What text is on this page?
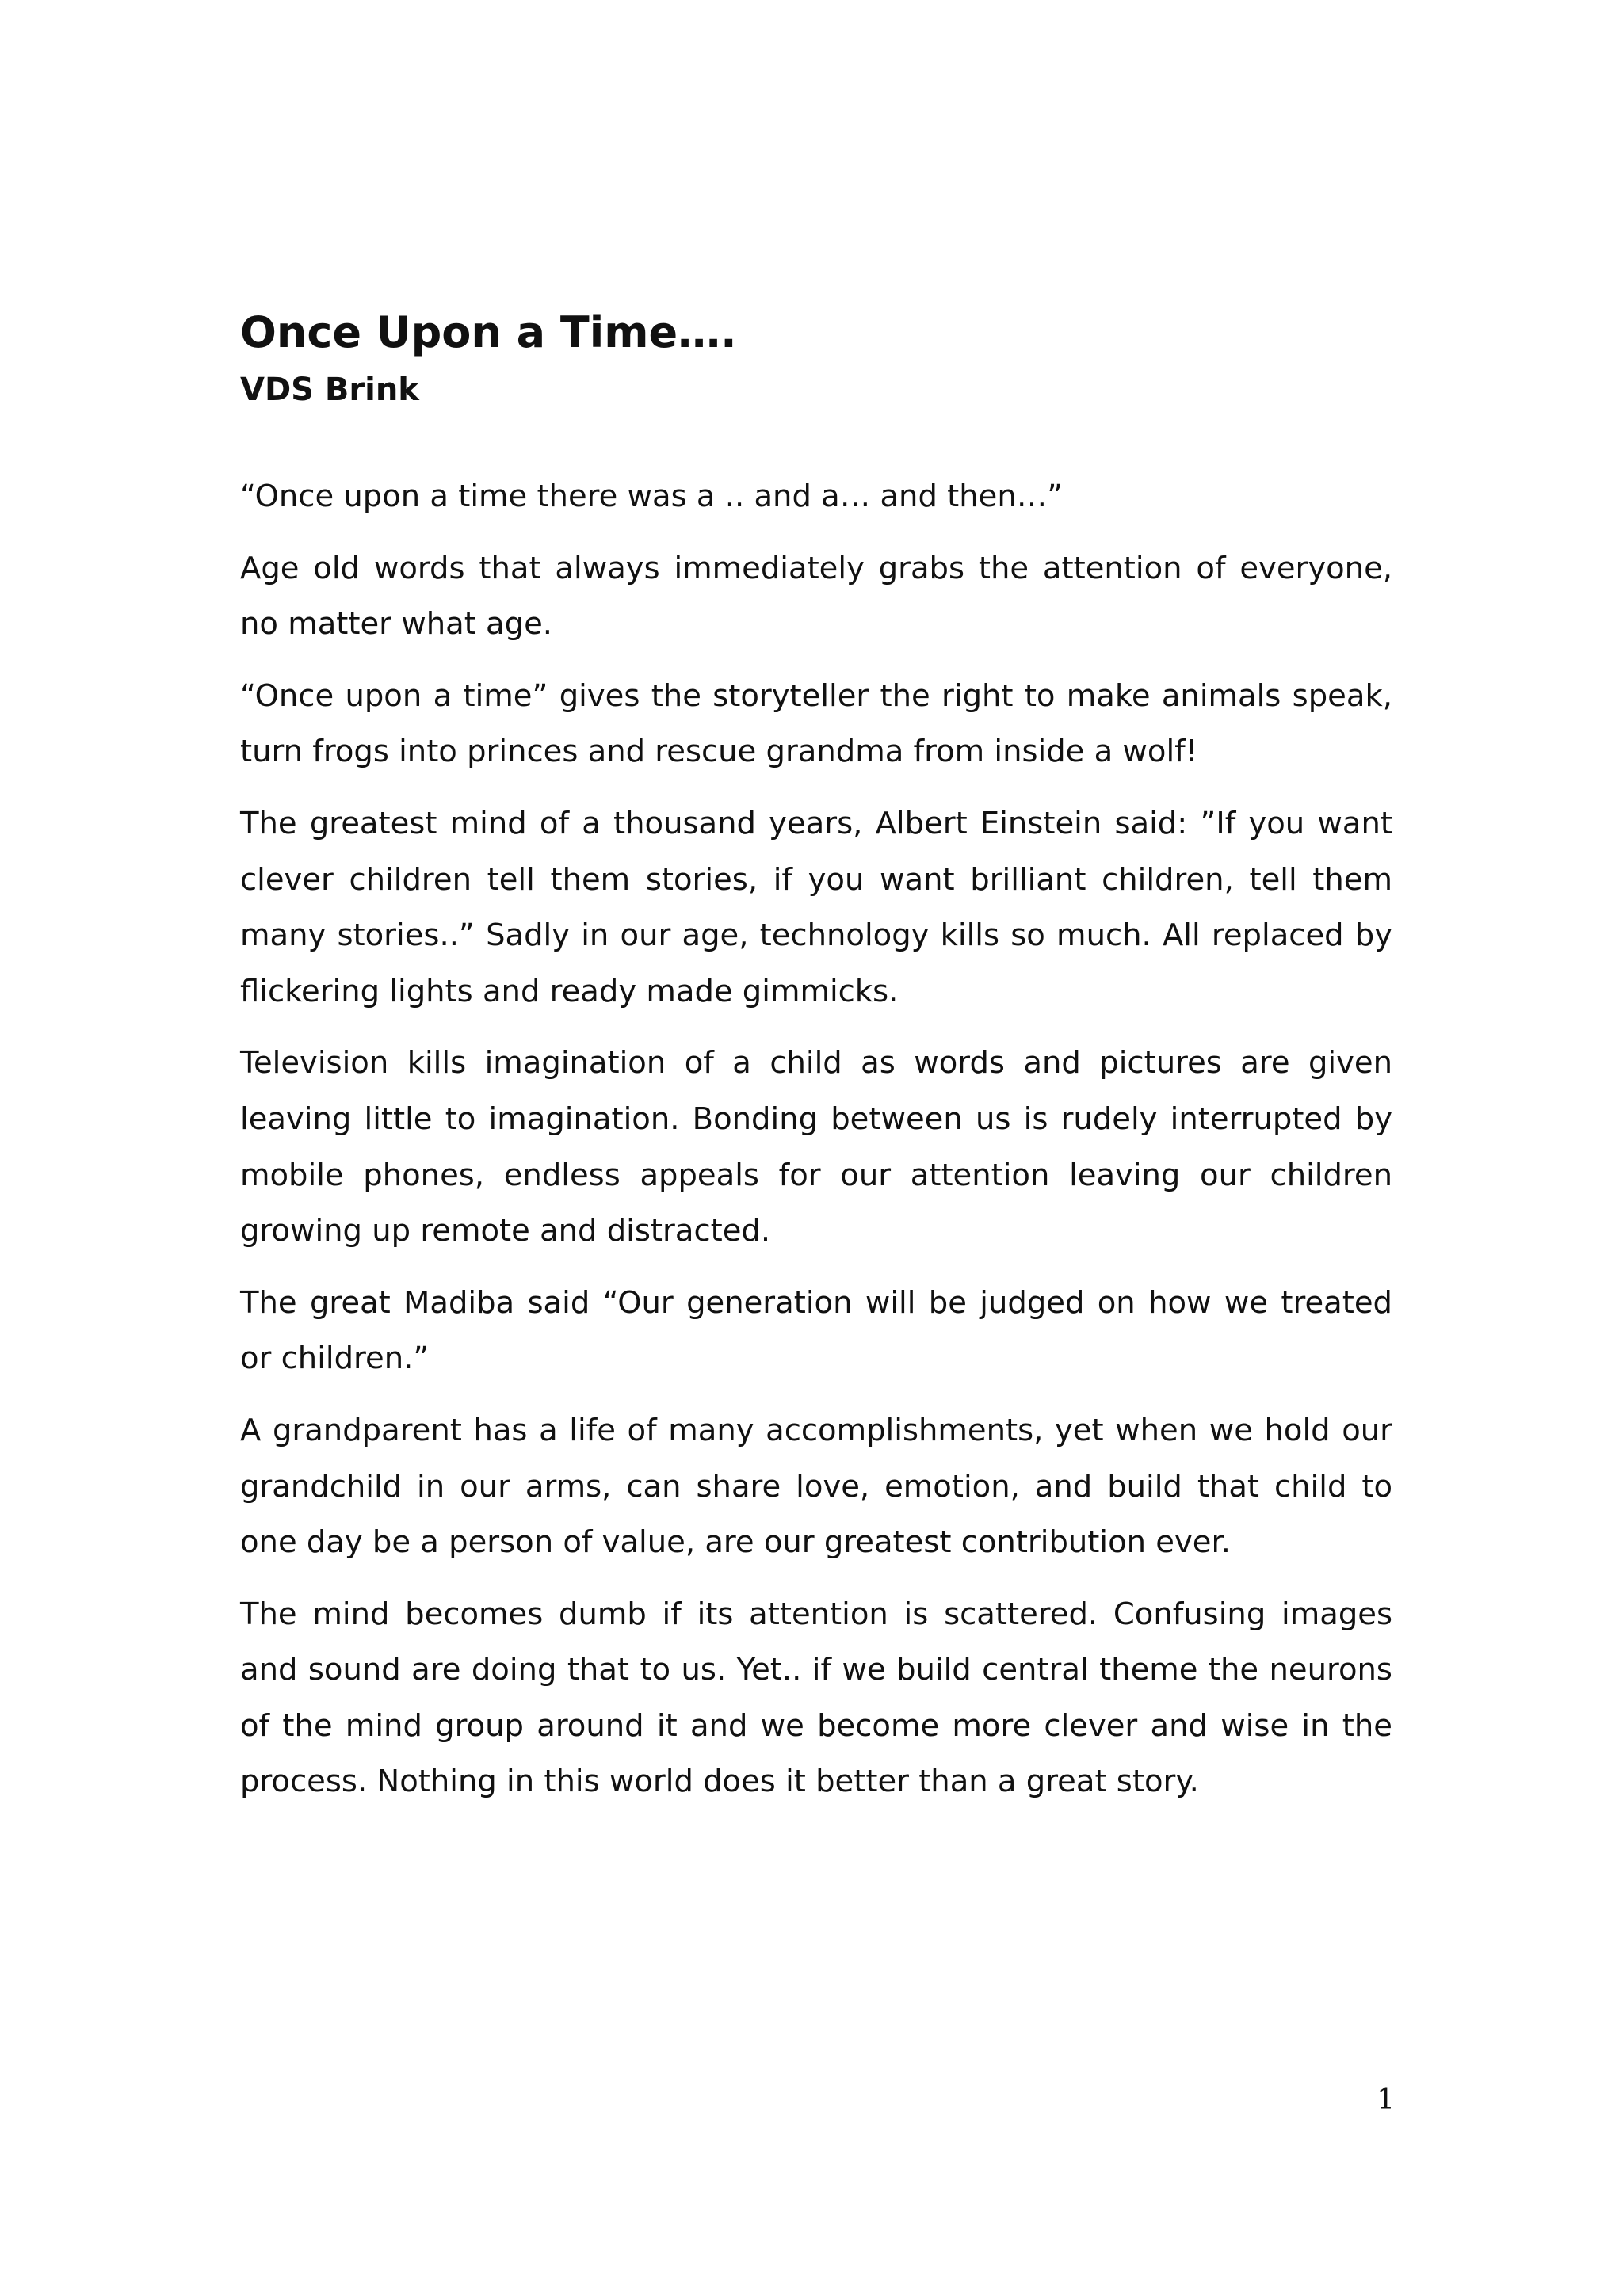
Once Upon a Time….
VDS Brink

“Once upon a time there was a .. and a… and then…”

Age old words that always immediately grabs the attention of everyone, no matter what age.

“Once upon a time” gives the storyteller the right to make animals speak, turn frogs into princes and rescue grandma from inside a wolf!

The greatest mind of a thousand years, Albert Einstein said: ”If you want clever children tell them stories, if you want brilliant children, tell them many stories..” Sadly in our age, technology kills so much. All replaced by flickering lights and ready made gimmicks.

Television kills imagination of a child as words and pictures are given leaving little to imagination. Bonding between us is rudely interrupted by mobile phones, endless appeals for our attention leaving our children growing up remote and distracted.

The great Madiba said “Our generation will be judged on how we treated or children.”

A grandparent has a life of many accomplishments, yet when we hold our grandchild in our arms, can share love, emotion, and build that child to one day be a person of value, are our greatest contribution ever.

The mind becomes dumb if its attention is scattered. Confusing images and sound are doing that to us. Yet.. if we build central theme the neurons of the mind group around it and we become more clever and wise in the process. Nothing in this world does it better than a great story.

1
